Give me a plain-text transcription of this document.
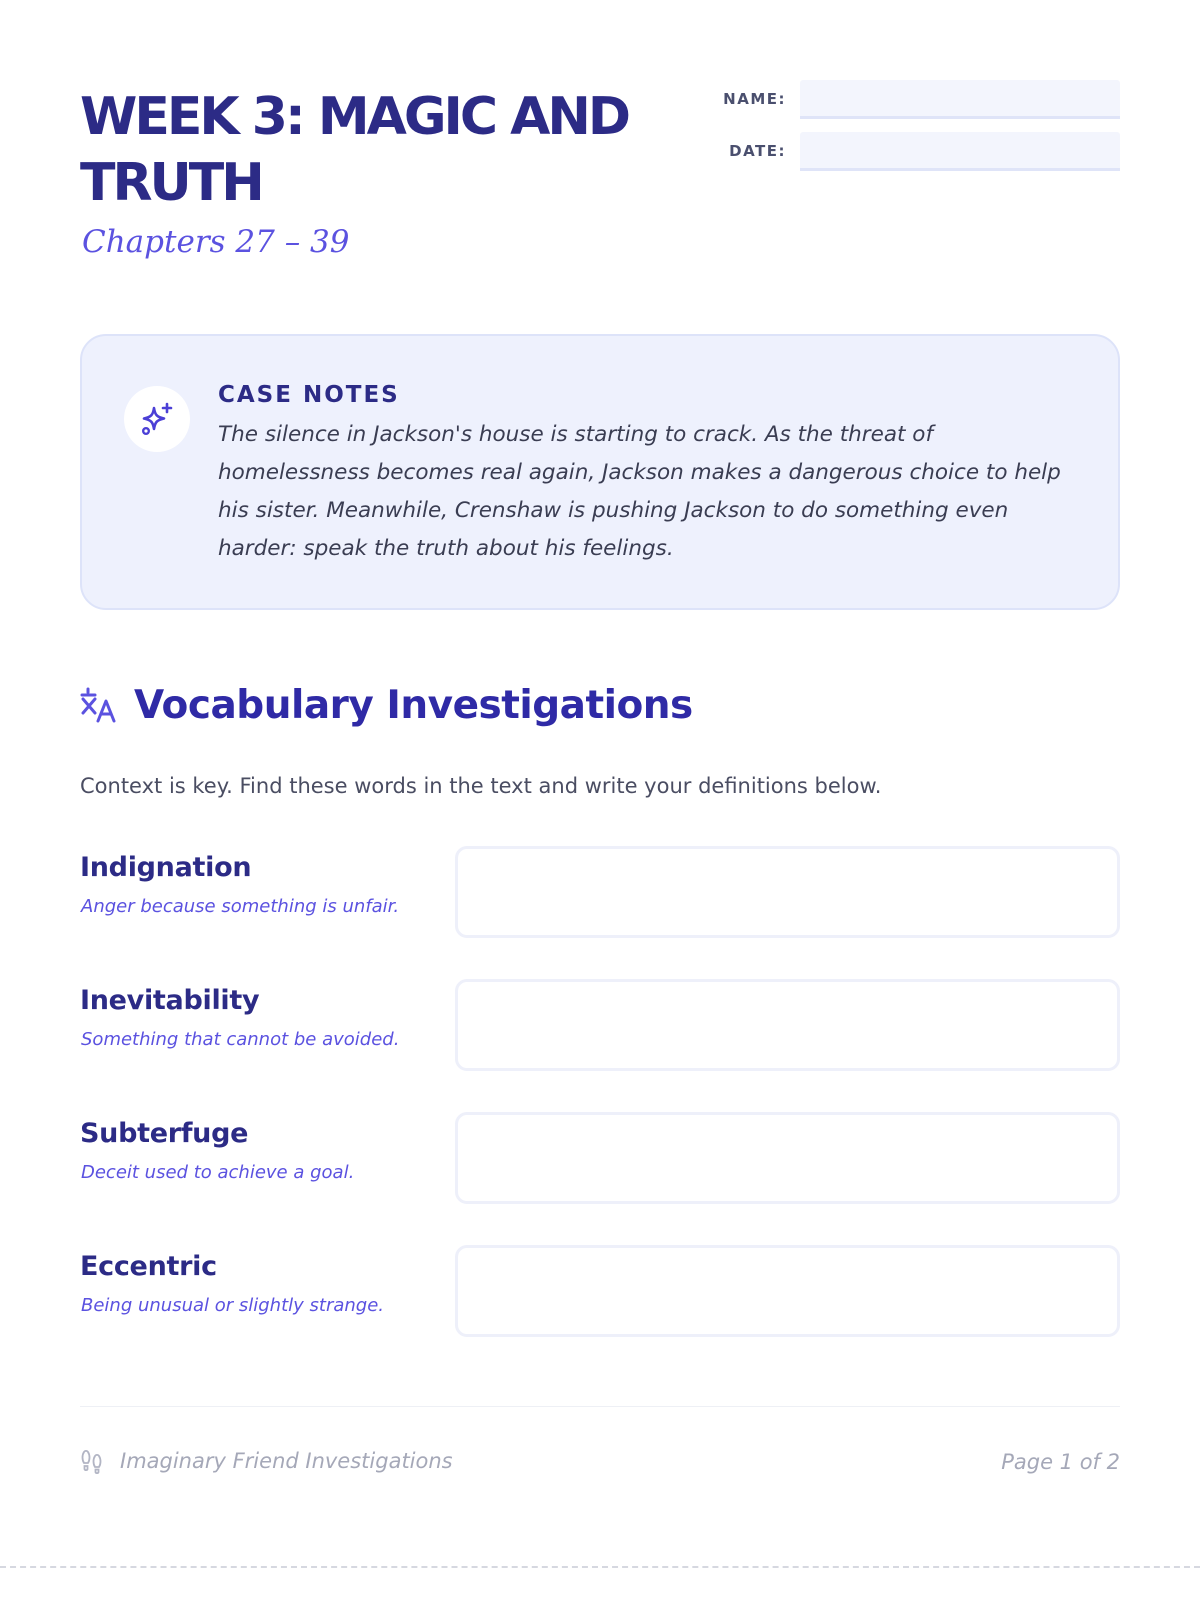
WEEK 3: MAGIC AND TRUTH
Chapters 27 – 39
NAME:
DATE:
CASE NOTES

The silence in Jackson's house is starting to crack. As the threat of homelessness becomes real again, Jackson makes a dangerous choice to help his sister. Meanwhile, Crenshaw is pushing Jackson to do something even harder: speak the truth about his feelings.

Vocabulary Investigations
Context is key. Find these words in the text and write your definitions below.
Indignation
Anger because something is unfair.
Inevitability
Something that cannot be avoided.
Subterfuge
Deceit used to achieve a goal.
Eccentric
Being unusual or slightly strange.
Imaginary Friend Investigations	Page 1 of 2
